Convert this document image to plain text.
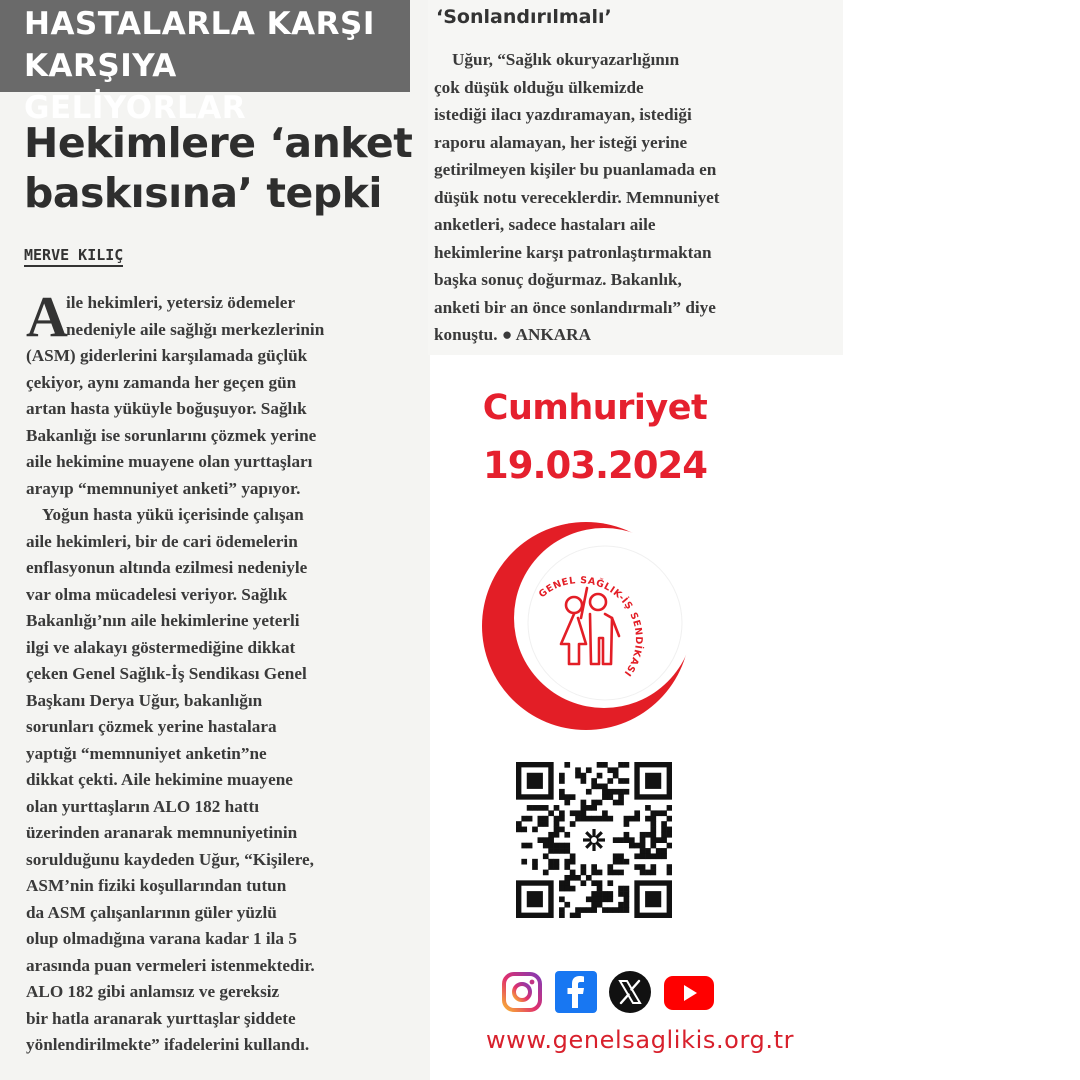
HASTALARLA KARŞI
KARŞIYA GELİYORLAR
Hekimlere ‘anket
baskısına’ tepki
MERVE KILIÇ
A
ile hekimleri, yetersiz ödemeler
nedeniyle aile sağlığı merkezlerinin
(ASM) giderlerini karşılamada güçlük
çekiyor, aynı zamanda her geçen gün
artan hasta yüküyle boğuşuyor. Sağlık
Bakanlığı ise sorunlarını çözmek yerine
aile hekimine muayene olan yurttaşları
arayıp “memnuniyet anketi” yapıyor.
Yoğun hasta yükü içerisinde çalışan
aile hekimleri, bir de cari ödemelerin
enflasyonun altında ezilmesi nedeniyle
var olma mücadelesi veriyor. Sağlık
Bakanlığı’nın aile hekimlerine yeterli
ilgi ve alakayı göstermediğine dikkat
çeken Genel Sağlık-İş Sendikası Genel
Başkanı Derya Uğur, bakanlığın
sorunları çözmek yerine hastalara
yaptığı “memnuniyet anketin”ne
dikkat çekti. Aile hekimine muayene
olan yurttaşların ALO 182 hattı
üzerinden aranarak memnuniyetinin
sorulduğunu kaydeden Uğur, “Kişilere,
ASM’nin fiziki koşullarından tutun
da ASM çalışanlarının güler yüzlü
olup olmadığına varana kadar 1 ila 5
arasında puan vermeleri istenmektedir.
ALO 182 gibi anlamsız ve gereksiz
bir hatla aranarak yurttaşlar şiddete
yönlendirilmekte” ifadelerini kullandı.
‘Sonlandırılmalı’
Uğur, “Sağlık okuryazarlığının
çok düşük olduğu ülkemizde
istediği ilacı yazdıramayan, istediği
raporu alamayan, her isteği yerine
getirilmeyen kişiler bu puanlamada en
düşük notu vereceklerdir. Memnuniyet
anketleri, sadece hastaları aile
hekimlerine karşı patronlaştırmaktan
başka sonuç doğurmaz. Bakanlık,
anketi bir an önce sonlandırmalı” diye
konuştu. ● ANKARA
Cumhuriyet
19.03.2024
GENEL SAĞLIK-İŞ SENDİKASI
www.genelsaglikis.org.tr
